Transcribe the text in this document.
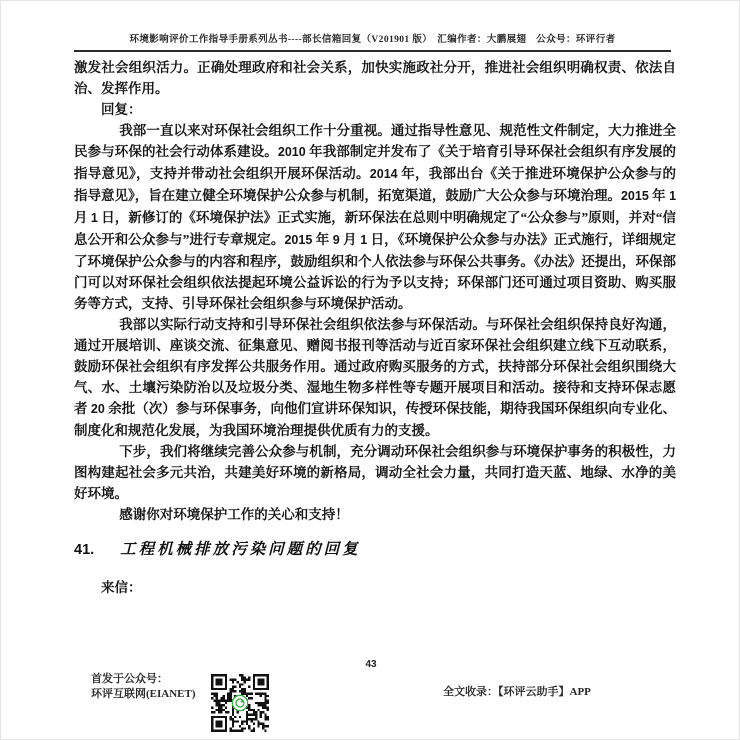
环境影响评价工作指导手册系列丛书----部长信箱回复（V201901 版）　汇编作者：大鹏展翅　公众号：环评行者

激发社会组织活力。正确处理政府和社会关系，加快实施政社分开，推进社会组织明确权责、依法自治、发挥作用。

回复：

我部一直以来对环保社会组织工作十分重视。通过指导性意见、规范性文件制定，大力推进全民参与环保的社会行动体系建设。2010 年我部制定并发布了《关于培育引导环保社会组织有序发展的指导意见》，支持并带动社会组织开展环保活动。2014 年，我部出台《关于推进环境保护公众参与的指导意见》，旨在建立健全环境保护公众参与机制，拓宽渠道，鼓励广大公众参与环境治理。2015 年 1 月 1 日，新修订的《环境保护法》正式实施，新环保法在总则中明确规定了“公众参与”原则，并对“信息公开和公众参与”进行专章规定。2015 年 9 月 1 日，《环境保护公众参与办法》正式施行，详细规定了环境保护公众参与的内容和程序，鼓励组织和个人依法参与环保公共事务。《办法》还提出，环保部门可以对环保社会组织依法提起环境公益诉讼的行为予以支持；环保部门还可通过项目资助、购买服务等方式，支持、引导环保社会组织参与环境保护活动。

我部以实际行动支持和引导环保社会组织依法参与环保活动。与环保社会组织保持良好沟通，通过开展培训、座谈交流、征集意见、赠阅书报刊等活动与近百家环保社会组织建立线下互动联系，鼓励环保社会组织有序发挥公共服务作用。通过政府购买服务的方式，扶持部分环保社会组织围绕大气、水、土壤污染防治以及垃圾分类、湿地生物多样性等专题开展项目和活动。接待和支持环保志愿者 20 余批（次）参与环保事务，向他们宣讲环保知识，传授环保技能，期待我国环保组织向专业化、制度化和规范化发展，为我国环境治理提供优质有力的支援。

下步，我们将继续完善公众参与机制，充分调动环保社会组织参与环境保护事务的积极性，力图构建起社会多元共治，共建美好环境的新格局，调动全社会力量，共同打造天蓝、地绿、水净的美好环境。

感谢你对环境保护工作的关心和支持！

41. 工程机械排放污染问题的回复

来信：

43
首发于公众号：
环评互联网(EIANET)	全文收录：【环评云助手】APP
